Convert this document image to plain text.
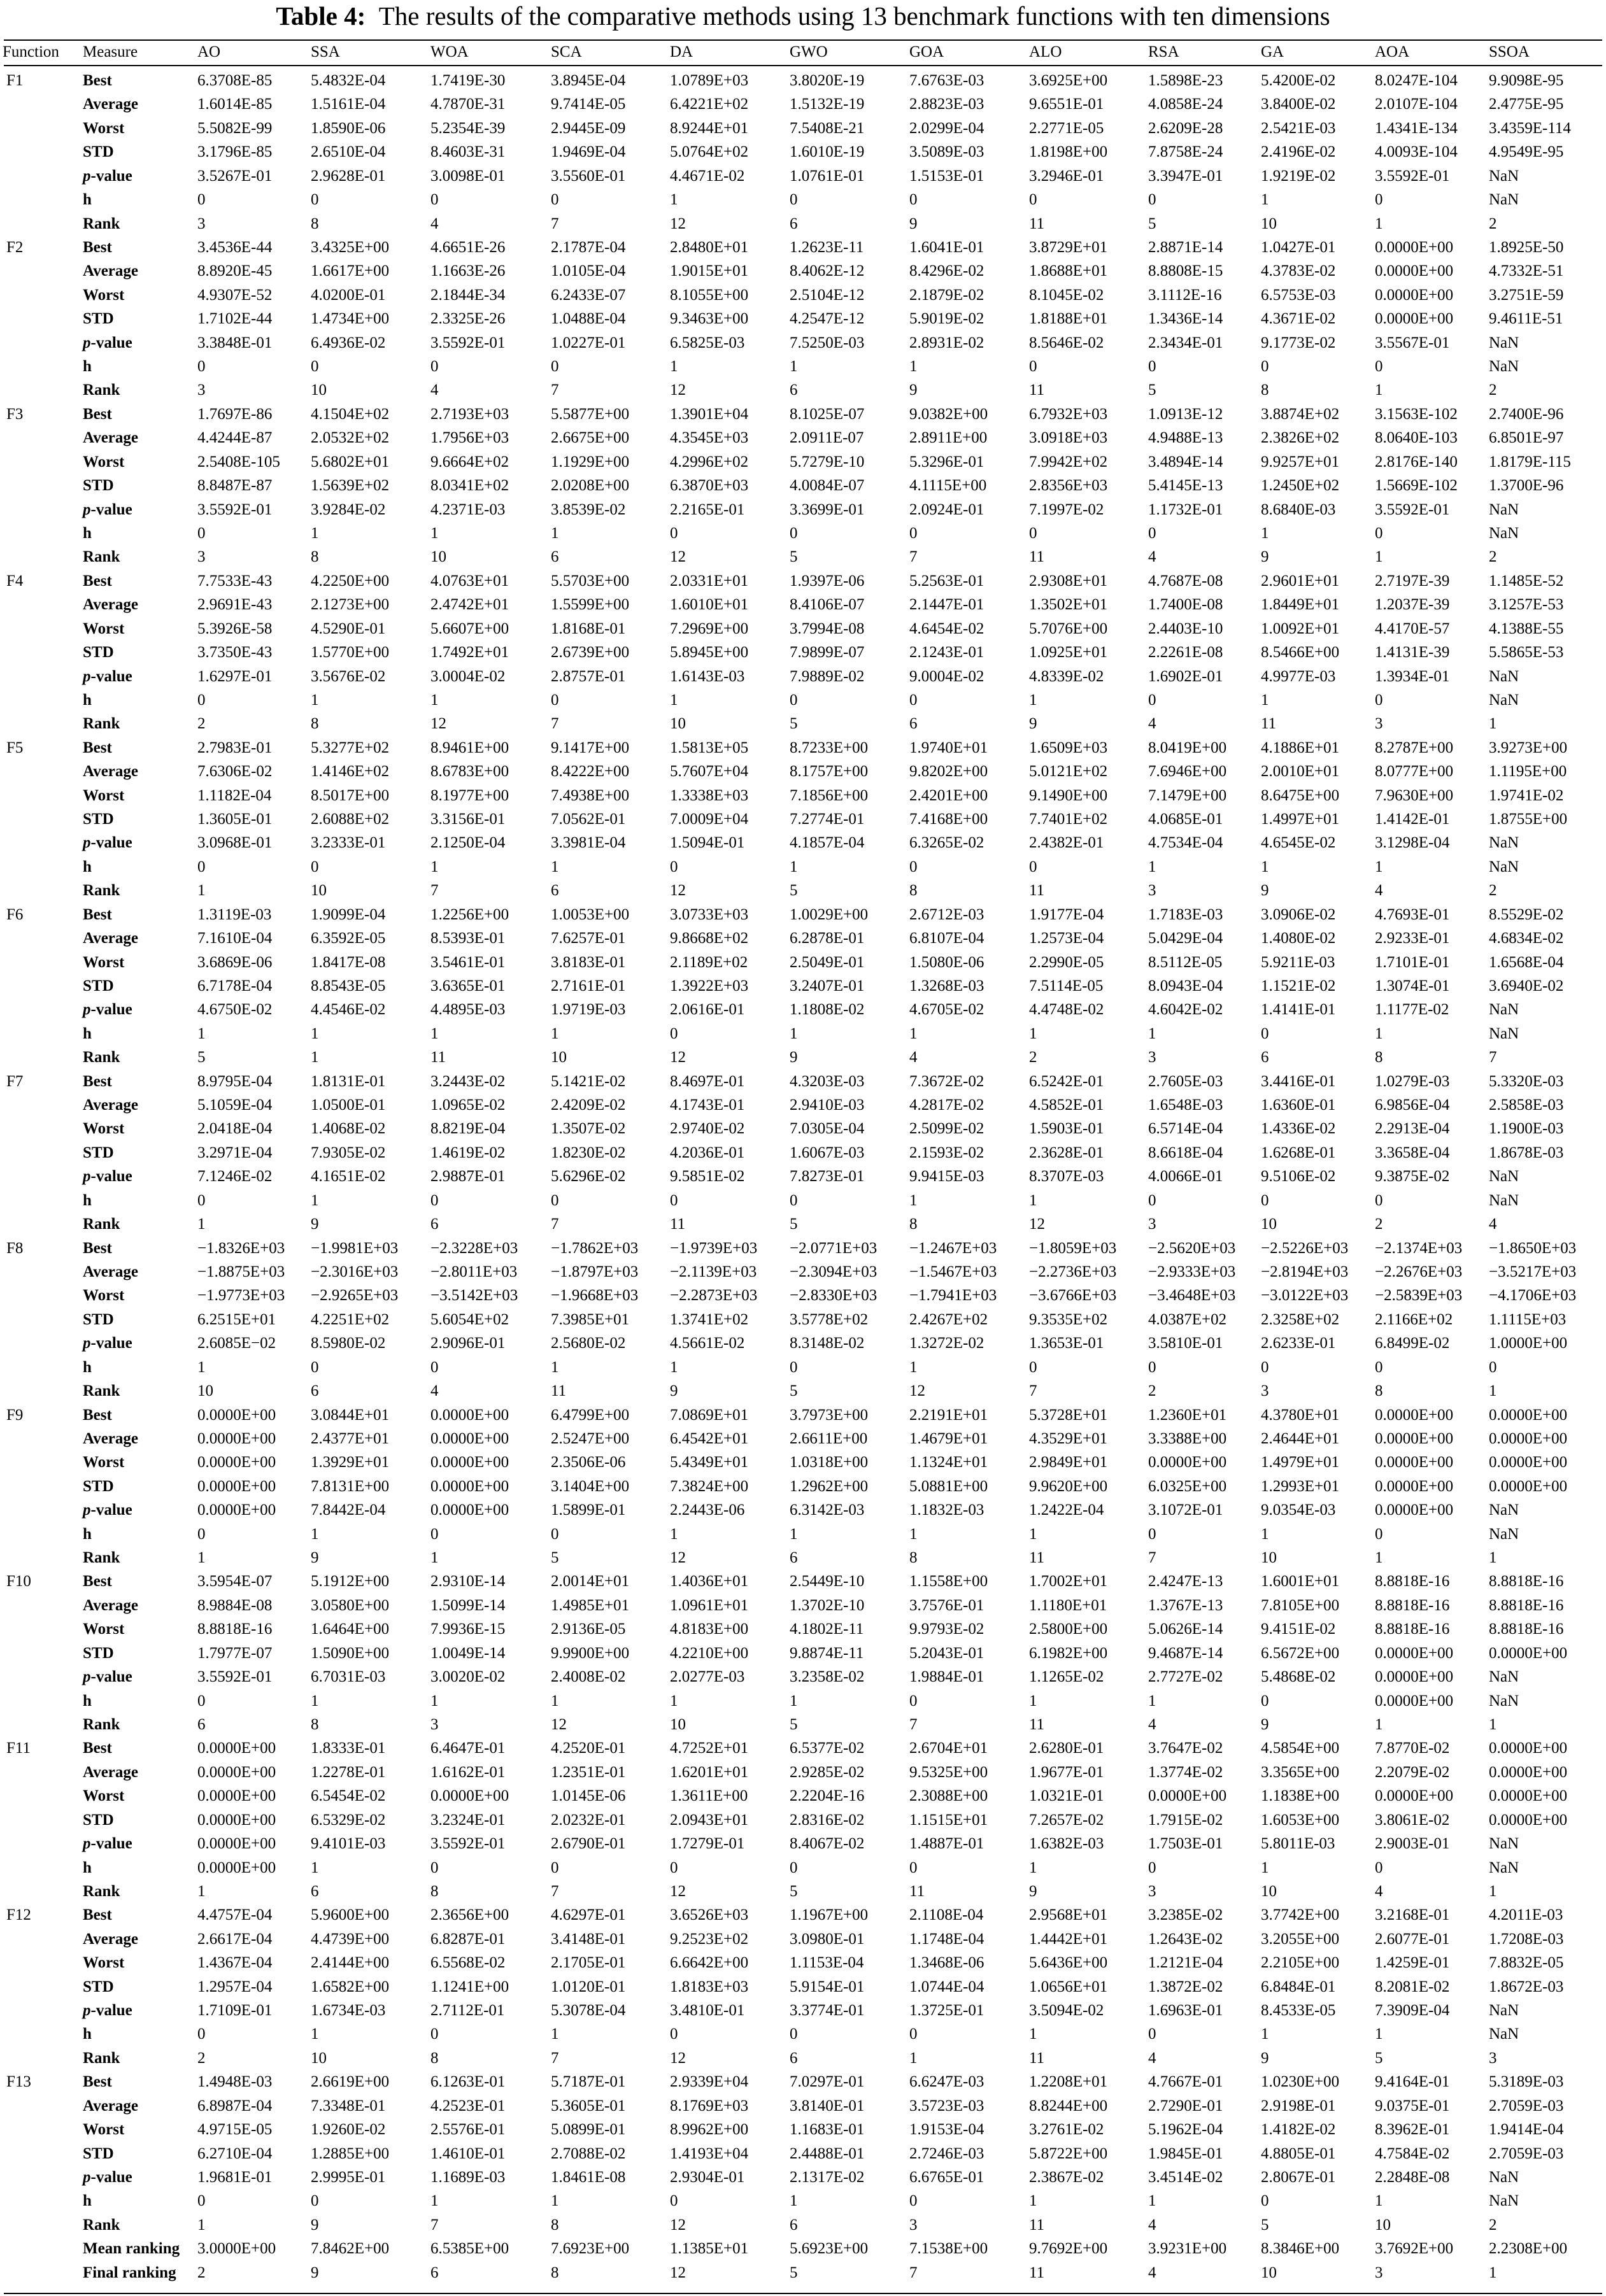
Table 4: The results of the comparative methods using 13 benchmark functions with ten dimensions
Function Measure	AO	SSA	WOA	SCA	DA	GWO	GOA	ALO	RSA	GA	AOA	SSOA
F1	Best	6.3708E-85 5.4832E-04	1.7419E-30	3.8945E-04	1.0789E+03	3.8020E-19	7.6763E-03	3.6925E+00	1.5898E-23 5.4200E-02 8.0247E-104 9.9098E-95
Average	1.6014E-85 1.5161E-04	4.7870E-31	9.7414E-05	6.4221E+02	1.5132E-19	2.8823E-03	9.6551E-01	4.0858E-24 3.8400E-02 2.0107E-104 2.4775E-95
Worst	5.5082E-99 1.8590E-06	5.2354E-39	2.9445E-09	8.9244E+01	7.5408E-21	2.0299E-04	2.2771E-05	2.6209E-28 2.5421E-03 1.4341E-134 3.4359E-114
STD	3.1796E-85 2.6510E-04	8.4603E-31	1.9469E-04	5.0764E+02	1.6010E-19	3.5089E-03	1.8198E+00	7.8758E-24 2.4196E-02 4.0093E-104 4.9549E-95
p-value	3.5267E-01 2.9628E-01	3.0098E-01	3.5560E-01	4.4671E-02	1.0761E-01	1.5153E-01	3.2946E-01	3.3947E-01 1.9219E-02 3.5592E-01 NaN
h	0	0	0	0	1	0	0	0	0	1	0	NaN
Rank	3	8	4	7	12	6	9	11	5	10	1	2
F2	Best	3.4536E-44 3.4325E+00	4.6651E-26	2.1787E-04	2.8480E+01	1.2623E-11	1.6041E-01	3.8729E+01	2.8871E-14 1.0427E-01 0.0000E+00 1.8925E-50
Average	8.8920E-45 1.6617E+00	1.1663E-26	1.0105E-04	1.9015E+01	8.4062E-12	8.4296E-02	1.8688E+01	8.8808E-15 4.3783E-02 0.0000E+00 4.7332E-51
Worst	4.9307E-52 4.0200E-01	2.1844E-34	6.2433E-07	8.1055E+00	2.5104E-12	2.1879E-02	8.1045E-02	3.1112E-16 6.5753E-03 0.0000E+00 3.2751E-59
STD	1.7102E-44 1.4734E+00	2.3325E-26	1.0488E-04	9.3463E+00	4.2547E-12	5.9019E-02	1.8188E+01	1.3436E-14 4.3671E-02 0.0000E+00 9.4611E-51
p-value	3.3848E-01 6.4936E-02	3.5592E-01	1.0227E-01	6.5825E-03	7.5250E-03	2.8931E-02	8.5646E-02	2.3434E-01 9.1773E-02 3.5567E-01 NaN
h	0	0	0	0	1	1	1	0	0	0	0	NaN
Rank	3	10	4	7	12	6	9	11	5	8	1	2
F3	Best	1.7697E-86 4.1504E+02	2.7193E+03	5.5877E+00	1.3901E+04	8.1025E-07	9.0382E+00	6.7932E+03	1.0913E-12 3.8874E+02 3.1563E-102 2.7400E-96
Average	4.4244E-87 2.0532E+02	1.7956E+03	2.6675E+00	4.3545E+03	2.0911E-07	2.8911E+00	3.0918E+03	4.9488E-13 2.3826E+02 8.0640E-103 6.8501E-97
Worst	2.5408E-105 5.6802E+01	9.6664E+02	1.1929E+00	4.2996E+02	5.7279E-10	5.3296E-01	7.9942E+02	3.4894E-14 9.9257E+01 2.8176E-140 1.8179E-115
STD	8.8487E-87 1.5639E+02	8.0341E+02	2.0208E+00	6.3870E+03	4.0084E-07	4.1115E+00	2.8356E+03	5.4145E-13 1.2450E+02 1.5669E-102 1.3700E-96
p-value	3.5592E-01 3.9284E-02	4.2371E-03	3.8539E-02	2.2165E-01	3.3699E-01	2.0924E-01	7.1997E-02	1.1732E-01 8.6840E-03 3.5592E-01 NaN
h	0	1	1	1	0	0	0	0	0	1	0	NaN
Rank	3	8	10	6	12	5	7	11	4	9	1	2
F4	Best	7.7533E-43 4.2250E+00	4.0763E+01	5.5703E+00	2.0331E+01	1.9397E-06	5.2563E-01	2.9308E+01	4.7687E-08 2.9601E+01 2.7197E-39 1.1485E-52
Average	2.9691E-43 2.1273E+00	2.4742E+01	1.5599E+00	1.6010E+01	8.4106E-07	2.1447E-01	1.3502E+01	1.7400E-08 1.8449E+01 1.2037E-39 3.1257E-53
Worst	5.3926E-58 4.5290E-01	5.6607E+00	1.8168E-01	7.2969E+00	3.7994E-08	4.6454E-02	5.7076E+00	2.4403E-10 1.0092E+01 4.4170E-57 4.1388E-55
STD	3.7350E-43 1.5770E+00	1.7492E+01	2.6739E+00	5.8945E+00	7.9899E-07	2.1243E-01	1.0925E+01	2.2261E-08 8.5466E+00 1.4131E-39 5.5865E-53
p-value	1.6297E-01 3.5676E-02	3.0004E-02	2.8757E-01	1.6143E-03	7.9889E-02	9.0004E-02	4.8339E-02	1.6902E-01 4.9977E-03 1.3934E-01 NaN
h	0	1	1	0	1	0	0	1	0	1	0	NaN
Rank	2	8	12	7	10	5	6	9	4	11	3	1
F5	Best	2.7983E-01 5.3277E+02	8.9461E+00	9.1417E+00	1.5813E+05	8.7233E+00	1.9740E+01	1.6509E+03	8.0419E+00 4.1886E+01 8.2787E+00 3.9273E+00
Average	7.6306E-02 1.4146E+02	8.6783E+00	8.4222E+00	5.7607E+04	8.1757E+00	9.8202E+00	5.0121E+02	7.6946E+00 2.0010E+01 8.0777E+00 1.1195E+00
Worst	1.1182E-04 8.5017E+00	8.1977E+00	7.4938E+00	1.3338E+03	7.1856E+00	2.4201E+00	9.1490E+00	7.1479E+00 8.6475E+00 7.9630E+00 1.9741E-02
STD	1.3605E-01 2.6088E+02	3.3156E-01	7.0562E-01	7.0009E+04	7.2774E-01	7.4168E+00	7.7401E+02	4.0685E-01 1.4997E+01 1.4142E-01 1.8755E+00
p-value	3.0968E-01 3.2333E-01	2.1250E-04	3.3981E-04	1.5094E-01	4.1857E-04	6.3265E-02	2.4382E-01	4.7534E-04 4.6545E-02 3.1298E-04 NaN
h	0	0	1	1	0	1	0	0	1	1	1	NaN
Rank	1	10	7	6	12	5	8	11	3	9	4	2
F6	Best	1.3119E-03 1.9099E-04	1.2256E+00	1.0053E+00	3.0733E+03	1.0029E+00	2.6712E-03	1.9177E-04	1.7183E-03 3.0906E-02 4.7693E-01 8.5529E-02
Average	7.1610E-04 6.3592E-05	8.5393E-01	7.6257E-01	9.8668E+02	6.2878E-01	6.8107E-04	1.2573E-04	5.0429E-04 1.4080E-02 2.9233E-01 4.6834E-02
Worst	3.6869E-06 1.8417E-08	3.5461E-01	3.8183E-01	2.1189E+02	2.5049E-01	1.5080E-06	2.2990E-05	8.5112E-05 5.9211E-03	1.7101E-01 1.6568E-04
STD	6.7178E-04 8.8543E-05	3.6365E-01	2.7161E-01	1.3922E+03	3.2407E-01	1.3268E-03	7.5114E-05	8.0943E-04 1.1521E-02 1.3074E-01 3.6940E-02
p-value	4.6750E-02 4.4546E-02	4.4895E-03	1.9719E-03	2.0616E-01	1.1808E-02	4.6705E-02	4.4748E-02	4.6042E-02 1.4141E-01 1.1177E-02	NaN
h	1	1	1	1	0	1	1	1	1	0	1	NaN
Rank	5	1	11	10	12	9	4	2	3	6	8	7
F7	Best	8.9795E-04 1.8131E-01	3.2443E-02	5.1421E-02	8.4697E-01	4.3203E-03	7.3672E-02	6.5242E-01	2.7605E-03 3.4416E-01 1.0279E-03 5.3320E-03
Average	5.1059E-04 1.0500E-01	1.0965E-02	2.4209E-02	4.1743E-01	2.9410E-03	4.2817E-02	4.5852E-01	1.6548E-03 1.6360E-01 6.9856E-04 2.5858E-03
Worst	2.0418E-04 1.4068E-02	8.8219E-04	1.3507E-02	2.9740E-02	7.0305E-04	2.5099E-02	1.5903E-01	6.5714E-04 1.4336E-02 2.2913E-04 1.1900E-03
STD	3.2971E-04 7.9305E-02	1.4619E-02	1.8230E-02	4.2036E-01	1.6067E-03	2.1593E-02	2.3628E-01	8.6618E-04 1.6268E-01 3.3658E-04 1.8678E-03
p-value	7.1246E-02 4.1651E-02	2.9887E-01	5.6296E-02	9.5851E-02	7.8273E-01	9.9415E-03	8.3707E-03	4.0066E-01 9.5106E-02 9.3875E-02 NaN
h	0	1	0	0	0	0	1	1	0	0	0	NaN
Rank	1	9	6	7	11	5	8	12	3	10	2	4
F8	Best	−1.8326E+03 −1.9981E+03 −2.3228E+03 −1.7862E+03 −1.9739E+03 −2.0771E+03 −1.2467E+03 −1.8059E+03 −2.5620E+03 −2.5226E+03 −2.1374E+03 −1.8650E+03
Average	−1.8875E+03 −2.3016E+03 −2.8011E+03 −1.8797E+03 −2.1139E+03 −2.3094E+03 −1.5467E+03 −2.2736E+03 −2.9333E+03 −2.8194E+03 −2.2676E+03 −3.5217E+03
Worst	−1.9773E+03 −2.9265E+03 −3.5142E+03 −1.9668E+03 −2.2873E+03 −2.8330E+03 −1.7941E+03 −3.6766E+03 −3.4648E+03 −3.0122E+03 −2.5839E+03 −4.1706E+03
STD	6.2515E+01 4.2251E+02	5.6054E+02	7.3985E+01	1.3741E+02	3.5778E+02	2.4267E+02	9.3535E+02	4.0387E+02 2.3258E+02 2.1166E+02 1.1115E+03
p-value	2.6085E−02 8.5980E-02	2.9096E-01	2.5680E-02	4.5661E-02	8.3148E-02	1.3272E-02	1.3653E-01	3.5810E-01 2.6233E-01 6.8499E-02 1.0000E+00
h	1	0	0	1	1	0	1	0	0	0	0	0
Rank	10	6	4	11	9	5	12	7	2	3	8	1
F9	Best	0.0000E+00 3.0844E+01	0.0000E+00	6.4799E+00	7.0869E+01	3.7973E+00	2.2191E+01	5.3728E+01	1.2360E+01 4.3780E+01 0.0000E+00 0.0000E+00
Average	0.0000E+00 2.4377E+01	0.0000E+00	2.5247E+00	6.4542E+01	2.6611E+00	1.4679E+01	4.3529E+01	3.3388E+00 2.4644E+01 0.0000E+00 0.0000E+00
Worst	0.0000E+00 1.3929E+01	0.0000E+00	2.3506E-06	5.4349E+01	1.0318E+00	1.1324E+01	2.9849E+01	0.0000E+00 1.4979E+01 0.0000E+00 0.0000E+00
STD	0.0000E+00 7.8131E+00	0.0000E+00	3.1404E+00	7.3824E+00	1.2962E+00	5.0881E+00	9.9620E+00	6.0325E+00 1.2993E+01 0.0000E+00 0.0000E+00
p-value	0.0000E+00 7.8442E-04	0.0000E+00	1.5899E-01	2.2443E-06	6.3142E-03	1.1832E-03	1.2422E-04	3.1072E-01 9.0354E-03 0.0000E+00 NaN
h	0	1	0	0	1	1	1	1	0	1	0	NaN
Rank	1	9	1	5	12	6	8	11	7	10	1	1
F10	Best	3.5954E-07 5.1912E+00	2.9310E-14	2.0014E+01	1.4036E+01	2.5449E-10	1.1558E+00	1.7002E+01	2.4247E-13 1.6001E+01 8.8818E-16 8.8818E-16
Average	8.9884E-08 3.0580E+00	1.5099E-14	1.4985E+01	1.0961E+01	1.3702E-10	3.7576E-01	1.1180E+01	1.3767E-13 7.8105E+00 8.8818E-16 8.8818E-16
Worst	8.8818E-16 1.6464E+00	7.9936E-15	2.9136E-05	4.8183E+00	4.1802E-11	9.9793E-02	2.5800E+00	5.0626E-14 9.4151E-02 8.8818E-16 8.8818E-16
STD	1.7977E-07 1.5090E+00	1.0049E-14	9.9900E+00	4.2210E+00	9.8874E-11	5.2043E-01	6.1982E+00	9.4687E-14 6.5672E+00 0.0000E+00 0.0000E+00
p-value	3.5592E-01 6.7031E-03	3.0020E-02	2.4008E-02	2.0277E-03	3.2358E-02	1.9884E-01	1.1265E-02	2.7727E-02 5.4868E-02 0.0000E+00 NaN
h	0	1	1	1	1	1	0	1	1	0	0.0000E+00 NaN
Rank	6	8	3	12	10	5	7	11	4	9	1	1
F11	Best	0.0000E+00 1.8333E-01	6.4647E-01	4.2520E-01	4.7252E+01	6.5377E-02	2.6704E+01	2.6280E-01	3.7647E-02 4.5854E+00 7.8770E-02 0.0000E+00
Average	0.0000E+00 1.2278E-01	1.6162E-01	1.2351E-01	1.6201E+01	2.9285E-02	9.5325E+00	1.9677E-01	1.3774E-02 3.3565E+00 2.2079E-02 0.0000E+00
Worst	0.0000E+00 6.5454E-02	0.0000E+00	1.0145E-06	1.3611E+00	2.2204E-16	2.3088E+00	1.0321E-01	0.0000E+00 1.1838E+00 0.0000E+00 0.0000E+00
STD	0.0000E+00 6.5329E-02	3.2324E-01	2.0232E-01	2.0943E+01	2.8316E-02	1.1515E+01	7.2657E-02	1.7915E-02 1.6053E+00 3.8061E-02 0.0000E+00
p-value	0.0000E+00 9.4101E-03	3.5592E-01	2.6790E-01	1.7279E-01	8.4067E-02	1.4887E-01	1.6382E-03	1.7503E-01 5.8011E-03	2.9003E-01 NaN
h	0.0000E+00 1	0	0	0	0	0	1	0	1	0	NaN
Rank	1	6	8	7	12	5	11	9	3	10	4	1
F12	Best	4.4757E-04 5.9600E+00	2.3656E+00	4.6297E-01	3.6526E+03	1.1967E+00	2.1108E-04	2.9568E+01	3.2385E-02 3.7742E+00 3.2168E-01 4.2011E-03
Average	2.6617E-04 4.4739E+00	6.8287E-01	3.4148E-01	9.2523E+02	3.0980E-01	1.1748E-04	1.4442E+01	1.2643E-02 3.2055E+00 2.6077E-01 1.7208E-03
Worst	1.4367E-04 2.4144E+00	6.5568E-02	2.1705E-01	6.6642E+00	1.1153E-04	1.3468E-06	5.6436E+00	1.2121E-04 2.2105E+00 1.4259E-01 7.8832E-05
STD	1.2957E-04 1.6582E+00	1.1241E+00	1.0120E-01	1.8183E+03	5.9154E-01	1.0744E-04	1.0656E+01	1.3872E-02 6.8484E-01 8.2081E-02 1.8672E-03
p-value	1.7109E-01 1.6734E-03	2.7112E-01	5.3078E-04	3.4810E-01	3.3774E-01	1.3725E-01	3.5094E-02	1.6963E-01 8.4533E-05 7.3909E-04 NaN
h	0	1	0	1	0	0	0	1	0	1	1	NaN
Rank	2	10	8	7	12	6	1	11	4	9	5	3
F13	Best	1.4948E-03 2.6619E+00	6.1263E-01	5.7187E-01	2.9339E+04	7.0297E-01	6.6247E-03	1.2208E+01	4.7667E-01 1.0230E+00 9.4164E-01 5.3189E-03
Average	6.8987E-04 7.3348E-01	4.2523E-01	5.3605E-01	8.1769E+03	3.8140E-01	3.5723E-03	8.8244E+00	2.7290E-01 2.9198E-01 9.0375E-01 2.7059E-03
Worst	4.9715E-05 1.9260E-02	2.5576E-01	5.0899E-01	8.9962E+00	1.1683E-01	1.9153E-04	3.2761E-02	5.1962E-04 1.4182E-02 8.3962E-01 1.9414E-04
STD	6.2710E-04 1.2885E+00	1.4610E-01	2.7088E-02	1.4193E+04	2.4488E-01	2.7246E-03	5.8722E+00	1.9845E-01 4.8805E-01 4.7584E-02 2.7059E-03
p-value	1.9681E-01 2.9995E-01	1.1689E-03	1.8461E-08	2.9304E-01	2.1317E-02	6.6765E-01	2.3867E-02	3.4514E-02 2.8067E-01 2.2848E-08 NaN
h	0	0	1	1	0	1	0	1	1	0	1	NaN
Rank	1	9	7	8	12	6	3	11	4	5	10	2
Mean ranking 3.0000E+00 7.8462E+00	6.5385E+00	7.6923E+00	1.1385E+01	5.6923E+00	7.1538E+00	9.7692E+00	3.9231E+00 8.3846E+00 3.7692E+00 2.2308E+00
Final ranking 2	9	6	8	12	5	7	11	4	10	3	1
